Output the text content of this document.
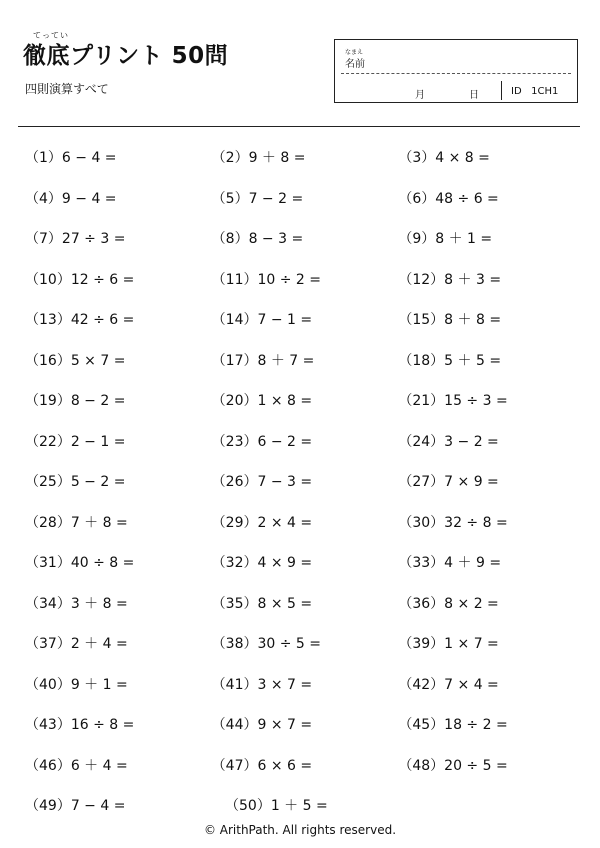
てってい
徹底プリント 50問
四則演算すべて
なまえ
名前
月	日	ID   1CH1
（1）6 − 4 =	（2）9 ＋ 8 =	（3）4 × 8 =
（4）9 − 4 =	（5）7 − 2 =	（6）48 ÷ 6 =
（7）27 ÷ 3 =	（8）8 − 3 =	（9）8 ＋ 1 =
（10）12 ÷ 6 =	（11）10 ÷ 2 =	（12）8 ＋ 3 =
（13）42 ÷ 6 =	（14）7 − 1 =	（15）8 ＋ 8 =
（16）5 × 7 =	（17）8 ＋ 7 =	（18）5 ＋ 5 =
（19）8 − 2 =	（20）1 × 8 =	（21）15 ÷ 3 =
（22）2 − 1 =	（23）6 − 2 =	（24）3 − 2 =
（25）5 − 2 =	（26）7 − 3 =	（27）7 × 9 =
（28）7 ＋ 8 =	（29）2 × 4 =	（30）32 ÷ 8 =
（31）40 ÷ 8 =	（32）4 × 9 =	（33）4 ＋ 9 =
（34）3 ＋ 8 =	（35）8 × 5 =	（36）8 × 2 =
（37）2 ＋ 4 =	（38）30 ÷ 5 =	（39）1 × 7 =
（40）9 ＋ 1 =	（41）3 × 7 =	（42）7 × 4 =
（43）16 ÷ 8 =	（44）9 × 7 =	（45）18 ÷ 2 =
（46）6 ＋ 4 =	（47）6 × 6 =	（48）20 ÷ 5 =
（49）7 − 4 =	（50）1 ＋ 5 =
© ArithPath. All rights reserved.
